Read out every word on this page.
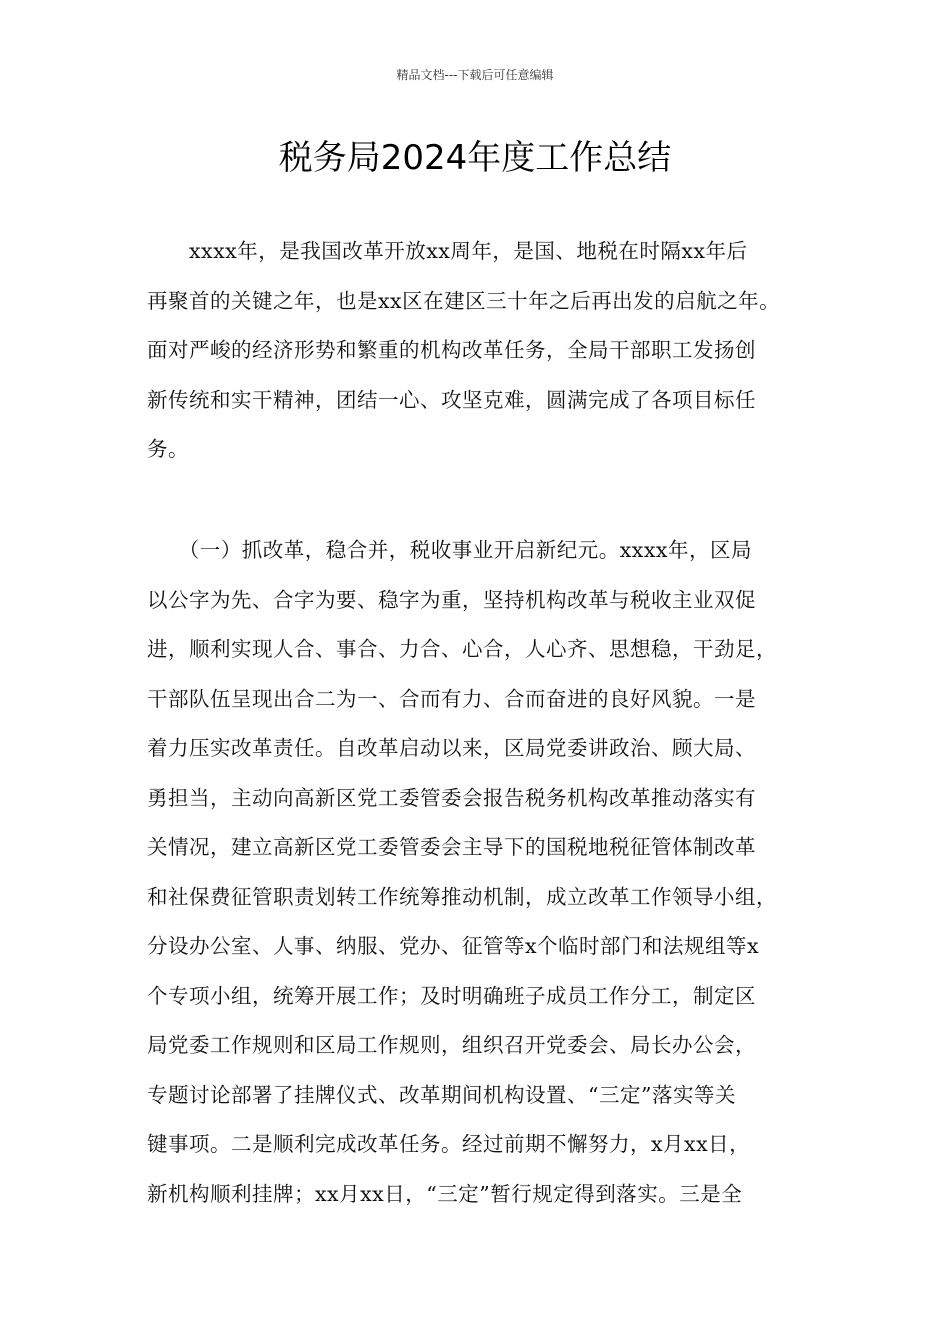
精品文档---下载后可任意编辑
税务局2024年度工作总结

　　xxxx年，是我国改革开放xx周年，是国、地税在时隔xx年后
再聚首的关键之年，也是xx区在建区三十年之后再出发的启航之年。
面对严峻的经济形势和繁重的机构改革任务，全局干部职工发扬创
新传统和实干精神，团结一心、攻坚克难，圆满完成了各项目标任
务。

　　（一）抓改革，稳合并，税收事业开启新纪元。xxxx年，区局
以公字为先、合字为要、稳字为重，坚持机构改革与税收主业双促
进，顺利实现人合、事合、力合、心合，人心齐、思想稳，干劲足，
干部队伍呈现出合二为一、合而有力、合而奋进的良好风貌。一是
着力压实改革责任。自改革启动以来，区局党委讲政治、顾大局、
勇担当，主动向高新区党工委管委会报告税务机构改革推动落实有
关情况，建立高新区党工委管委会主导下的国税地税征管体制改革
和社保费征管职责划转工作统筹推动机制，成立改革工作领导小组，
分设办公室、人事、纳服、党办、征管等x个临时部门和法规组等x
个专项小组，统筹开展工作；及时明确班子成员工作分工，制定区
局党委工作规则和区局工作规则，组织召开党委会、局长办公会，
专题讨论部署了挂牌仪式、改革期间机构设置、“三定”落实等关
键事项。二是顺利完成改革任务。经过前期不懈努力，x月xx日，
新机构顺利挂牌；xx月xx日，“三定”暂行规定得到落实。三是全
